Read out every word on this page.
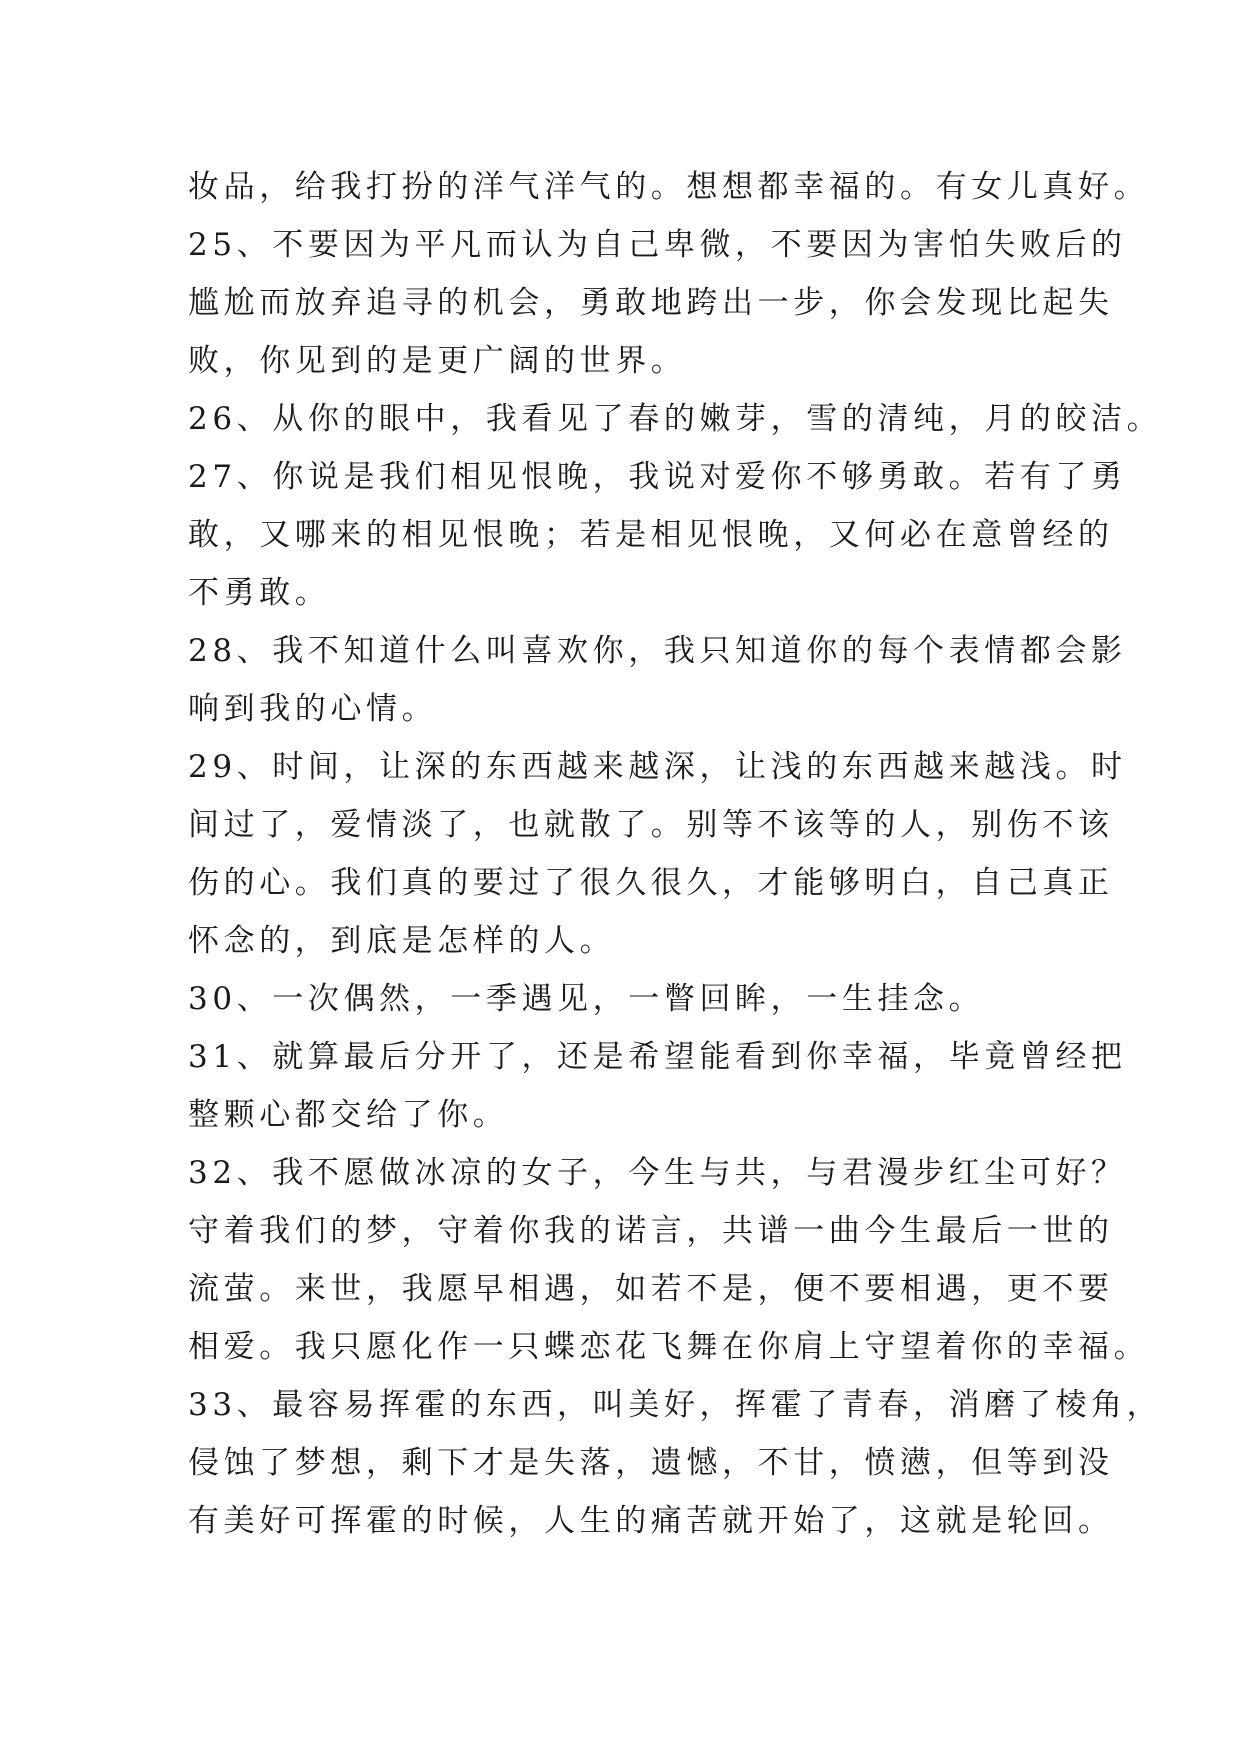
妆品，给我打扮的洋气洋气的。想想都幸福的。有女儿真好。
25、不要因为平凡而认为自己卑微，不要因为害怕失败后的
尴尬而放弃追寻的机会，勇敢地跨出一步，你会发现比起失
败，你见到的是更广阔的世界。
26、从你的眼中，我看见了春的嫩芽，雪的清纯，月的皎洁。
27、你说是我们相见恨晚，我说对爱你不够勇敢。若有了勇
敢，又哪来的相见恨晚；若是相见恨晚，又何必在意曾经的
不勇敢。
28、我不知道什么叫喜欢你，我只知道你的每个表情都会影
响到我的心情。
29、时间，让深的东西越来越深，让浅的东西越来越浅。时
间过了，爱情淡了，也就散了。别等不该等的人，别伤不该
伤的心。我们真的要过了很久很久，才能够明白，自己真正
怀念的，到底是怎样的人。
30、一次偶然，一季遇见，一瞥回眸，一生挂念。
31、就算最后分开了，还是希望能看到你幸福，毕竟曾经把
整颗心都交给了你。
32、我不愿做冰凉的女子，今生与共，与君漫步红尘可好？
守着我们的梦，守着你我的诺言，共谱一曲今生最后一世的
流萤。来世，我愿早相遇，如若不是，便不要相遇，更不要
相爱。我只愿化作一只蝶恋花飞舞在你肩上守望着你的幸福。
33、最容易挥霍的东西，叫美好，挥霍了青春，消磨了棱角，
侵蚀了梦想，剩下才是失落，遗憾，不甘，愤懑，但等到没
有美好可挥霍的时候，人生的痛苦就开始了，这就是轮回。
